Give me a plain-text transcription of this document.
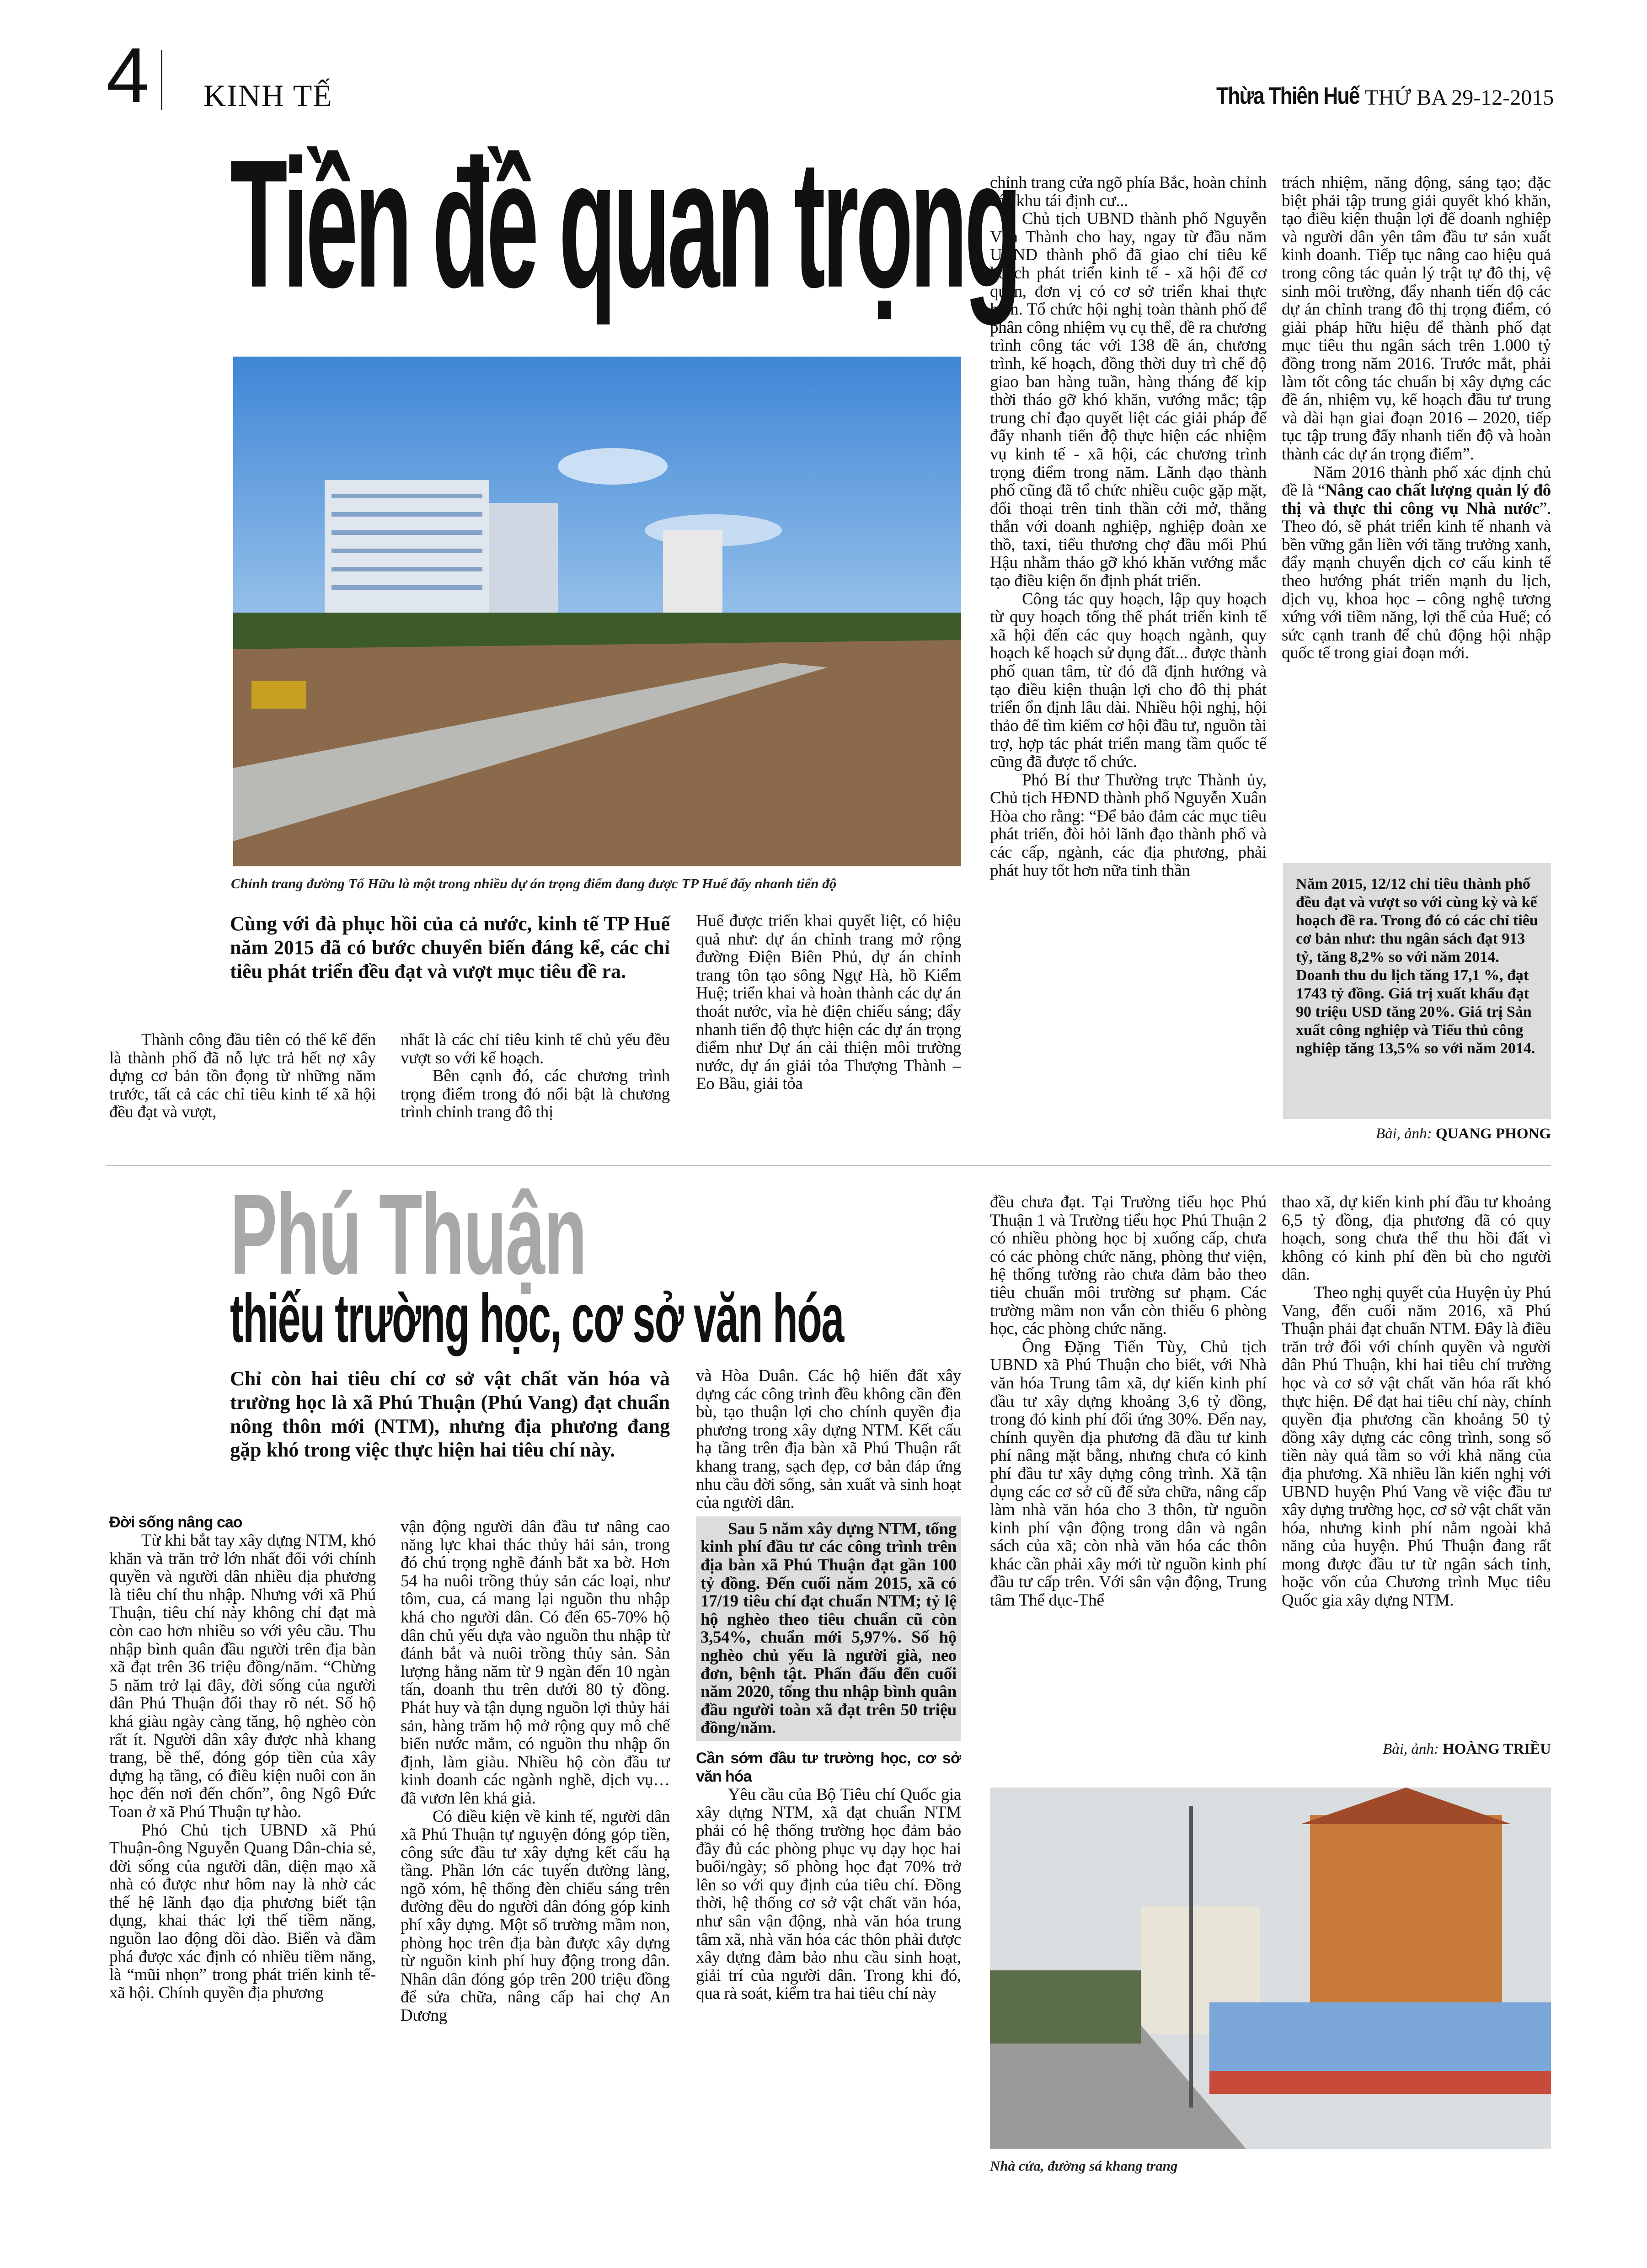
4 KINH TẾ	Thừa Thiên Huế THỨ BA 29-12-2015
Tiền đề quan trọng
Chỉnh trang đường Tố Hữu là một trong nhiều dự án trọng điểm đang được TP Huế đẩy nhanh tiến độ
Cùng với đà phục hồi của cả nước, kinh tế TP Huế năm 2015 đã có bước chuyển biến đáng kể, các chỉ tiêu phát triển đều đạt và vượt mục tiêu đề ra.

Thành công đầu tiên có thể kể đến là thành phố đã nỗ lực trả hết nợ xây dựng cơ bản tồn đọng từ những năm trước, tất cả các chỉ tiêu kinh tế xã hội đều đạt và vượt,

nhất là các chỉ tiêu kinh tế chủ yếu đều vượt so với kế hoạch.

Bên cạnh đó, các chương trình trọng điểm trong đó nổi bật là chương trình chỉnh trang đô thị

Huế được triển khai quyết liệt, có hiệu quả như: dự án chỉnh trang mở rộng đường Điện Biên Phủ, dự án chỉnh trang tôn tạo sông Ngự Hà, hồ Kiểm Huệ; triển khai và hoàn thành các dự án thoát nước, vỉa hè điện chiếu sáng; đẩy nhanh tiến độ thực hiện các dự án trọng điểm như Dự án cải thiện môi trường nước, dự án giải tỏa Thượng Thành – Eo Bầu, giải tỏa

chỉnh trang cửa ngõ phía Bắc, hoàn chỉnh các khu tái định cư...

Chủ tịch UBND thành phố Nguyễn Văn Thành cho hay, ngay từ đầu năm UBND thành phố đã giao chỉ tiêu kế hoạch phát triển kinh tế - xã hội để cơ quan, đơn vị có cơ sở triển khai thực hiện. Tổ chức hội nghị toàn thành phố để phân công nhiệm vụ cụ thể, đề ra chương trình công tác với 138 đề án, chương trình, kế hoạch, đồng thời duy trì chế độ giao ban hàng tuần, hàng tháng để kịp thời tháo gỡ khó khăn, vướng mắc; tập trung chỉ đạo quyết liệt các giải pháp để đẩy nhanh tiến độ thực hiện các nhiệm vụ kinh tế - xã hội, các chương trình trọng điểm trong năm. Lãnh đạo thành phố cũng đã tổ chức nhiều cuộc gặp mặt, đối thoại trên tinh thần cởi mở, thẳng thắn với doanh nghiệp, nghiệp đoàn xe thồ, taxi, tiểu thương chợ đầu mối Phú Hậu nhằm tháo gỡ khó khăn vướng mắc tạo điều kiện ổn định phát triển.

Công tác quy hoạch, lập quy hoạch từ quy hoạch tổng thể phát triển kinh tế xã hội đến các quy hoạch ngành, quy hoạch kế hoạch sử dụng đất... được thành phố quan tâm, từ đó đã định hướng và tạo điều kiện thuận lợi cho đô thị phát triển ổn định lâu dài. Nhiều hội nghị, hội thảo để tìm kiếm cơ hội đầu tư, nguồn tài trợ, hợp tác phát triển mang tầm quốc tế cũng đã được tổ chức.

Phó Bí thư Thường trực Thành ủy, Chủ tịch HĐND thành phố Nguyễn Xuân Hòa cho rằng: “Để bảo đảm các mục tiêu phát triển, đòi hỏi lãnh đạo thành phố và các cấp, ngành, các địa phương, phải phát huy tốt hơn nữa tinh thần

trách nhiệm, năng động, sáng tạo; đặc biệt phải tập trung giải quyết khó khăn, tạo điều kiện thuận lợi để doanh nghiệp và người dân yên tâm đầu tư sản xuất kinh doanh. Tiếp tục nâng cao hiệu quả trong công tác quản lý trật tự đô thị, vệ sinh môi trường, đẩy nhanh tiến độ các dự án chỉnh trang đô thị trọng điểm, có giải pháp hữu hiệu để thành phố đạt mục tiêu thu ngân sách trên 1.000 tỷ đồng trong năm 2016. Trước mắt, phải làm tốt công tác chuẩn bị xây dựng các đề án, nhiệm vụ, kế hoạch đầu tư trung và dài hạn giai đoạn 2016 – 2020, tiếp tục tập trung đẩy nhanh tiến độ và hoàn thành các dự án trọng điểm”.

Năm 2016 thành phố xác định chủ đề là “Nâng cao chất lượng quản lý đô thị và thực thi công vụ Nhà nước”. Theo đó, sẽ phát triển kinh tế nhanh và bền vững gắn liền với tăng trưởng xanh, đẩy mạnh chuyển dịch cơ cấu kinh tế theo hướng phát triển mạnh du lịch, dịch vụ, khoa học – công nghệ tương xứng với tiềm năng, lợi thế của Huế; có sức cạnh tranh để chủ động hội nhập quốc tế trong giai đoạn mới.

Năm 2015, 12/12 chỉ tiêu thành phố đều đạt và vượt so với cùng kỳ và kế hoạch đề ra. Trong đó có các chỉ tiêu cơ bản như: thu ngân sách đạt 913 tỷ, tăng 8,2% so với năm 2014. Doanh thu du lịch tăng 17,1 %, đạt 1743 tỷ đồng. Giá trị xuất khẩu đạt 90 triệu USD tăng 20%. Giá trị Sản xuất công nghiệp và Tiểu thủ công nghiệp tăng 13,5% so với năm 2014.
Bài, ảnh: QUANG PHONG
Phú Thuận
thiếu trường học, cơ sở văn hóa
Chỉ còn hai tiêu chí cơ sở vật chất văn hóa và trường học là xã Phú Thuận (Phú Vang) đạt chuẩn nông thôn mới (NTM), nhưng địa phương đang gặp khó trong việc thực hiện hai tiêu chí này.

Đời sống nâng cao

Từ khi bắt tay xây dựng NTM, khó khăn và trăn trở lớn nhất đối với chính quyền và người dân nhiều địa phương là tiêu chí thu nhập. Nhưng với xã Phú Thuận, tiêu chí này không chỉ đạt mà còn cao hơn nhiều so với yêu cầu. Thu nhập bình quân đầu người trên địa bàn xã đạt trên 36 triệu đồng/năm. “Chừng 5 năm trở lại đây, đời sống của người dân Phú Thuận đổi thay rõ nét. Số hộ khá giàu ngày càng tăng, hộ nghèo còn rất ít. Người dân xây được nhà khang trang, bề thế, đóng góp tiền của xây dựng hạ tầng, có điều kiện nuôi con ăn học đến nơi đến chốn”, ông Ngô Đức Toan ở xã Phú Thuận tự hào.

Phó Chủ tịch UBND xã Phú Thuận-ông Nguyễn Quang Dân-chia sẻ, đời sống của người dân, diện mạo xã nhà có được như hôm nay là nhờ các thế hệ lãnh đạo địa phương biết tận dụng, khai thác lợi thế tiềm năng, nguồn lao động dồi dào. Biển và đầm phá được xác định có nhiều tiềm năng, là “mũi nhọn” trong phát triển kinh tế-xã hội. Chính quyền địa phương

vận động người dân đầu tư nâng cao năng lực khai thác thủy hải sản, trong đó chú trọng nghề đánh bắt xa bờ. Hơn 54 ha nuôi trồng thủy sản các loại, như tôm, cua, cá mang lại nguồn thu nhập khá cho người dân. Có đến 65-70% hộ dân chủ yếu dựa vào nguồn thu nhập từ đánh bắt và nuôi trồng thủy sản. Sản lượng hằng năm từ 9 ngàn đến 10 ngàn tấn, doanh thu trên dưới 80 tỷ đồng. Phát huy và tận dụng nguồn lợi thủy hải sản, hàng trăm hộ mở rộng quy mô chế biến nước mắm, có nguồn thu nhập ổn định, làm giàu. Nhiều hộ còn đầu tư kinh doanh các ngành nghề, dịch vụ… đã vươn lên khá giả.

Có điều kiện về kinh tế, người dân xã Phú Thuận tự nguyện đóng góp tiền, công sức đầu tư xây dựng kết cấu hạ tầng. Phần lớn các tuyến đường làng, ngõ xóm, hệ thống đèn chiếu sáng trên đường đều do người dân đóng góp kinh phí xây dựng. Một số trường mầm non, phòng học trên địa bàn được xây dựng từ nguồn kinh phí huy động trong dân. Nhân dân đóng góp trên 200 triệu đồng để sửa chữa, nâng cấp hai chợ An Dương

và Hòa Duân. Các hộ hiến đất xây dựng các công trình đều không cần đền bù, tạo thuận lợi cho chính quyền địa phương trong xây dựng NTM. Kết cấu hạ tầng trên địa bàn xã Phú Thuận rất khang trang, sạch đẹp, cơ bản đáp ứng nhu cầu đời sống, sản xuất và sinh hoạt của người dân.

Sau 5 năm xây dựng NTM, tổng kinh phí đầu tư các công trình trên địa bàn xã Phú Thuận đạt gần 100 tỷ đồng. Đến cuối năm 2015, xã có 17/19 tiêu chí đạt chuẩn NTM; tỷ lệ hộ nghèo theo tiêu chuẩn cũ còn 3,54%, chuẩn mới 5,97%. Số hộ nghèo chủ yếu là người già, neo đơn, bệnh tật. Phấn đấu đến cuối năm 2020, tổng thu nhập bình quân đầu người toàn xã đạt trên 50 triệu đồng/năm.

Cần sớm đầu tư trường học, cơ sở văn hóa

Yêu cầu của Bộ Tiêu chí Quốc gia xây dựng NTM, xã đạt chuẩn NTM phải có hệ thống trường học đảm bảo đầy đủ các phòng phục vụ dạy học hai buổi/ngày; số phòng học đạt 70% trở lên so với quy định của tiêu chí. Đồng thời, hệ thống cơ sở vật chất văn hóa, như sân vận động, nhà văn hóa trung tâm xã, nhà văn hóa các thôn phải được xây dựng đảm bảo nhu cầu sinh hoạt, giải trí của người dân. Trong khi đó, qua rà soát, kiểm tra hai tiêu chí này

đều chưa đạt. Tại Trường tiểu học Phú Thuận 1 và Trường tiểu học Phú Thuận 2 có nhiều phòng học bị xuống cấp, chưa có các phòng chức năng, phòng thư viện, hệ thống tường rào chưa đảm bảo theo tiêu chuẩn môi trường sư phạm. Các trường mầm non vẫn còn thiếu 6 phòng học, các phòng chức năng.

Ông Đặng Tiến Tùy, Chủ tịch UBND xã Phú Thuận cho biết, với Nhà văn hóa Trung tâm xã, dự kiến kinh phí đầu tư xây dựng khoảng 3,6 tỷ đồng, trong đó kinh phí đối ứng 30%. Đến nay, chính quyền địa phương đã đầu tư kinh phí nâng mặt bằng, nhưng chưa có kinh phí đầu tư xây dựng công trình. Xã tận dụng các cơ sở cũ để sửa chữa, nâng cấp làm nhà văn hóa cho 3 thôn, từ nguồn kinh phí vận động trong dân và ngân sách của xã; còn nhà văn hóa các thôn khác cần phải xây mới từ nguồn kinh phí đầu tư cấp trên. Với sân vận động, Trung tâm Thể dục-Thể

thao xã, dự kiến kinh phí đầu tư khoảng 6,5 tỷ đồng, địa phương đã có quy hoạch, song chưa thể thu hồi đất vì không có kinh phí đền bù cho người dân.

Theo nghị quyết của Huyện ủy Phú Vang, đến cuối năm 2016, xã Phú Thuận phải đạt chuẩn NTM. Đây là điều trăn trở đối với chính quyền và người dân Phú Thuận, khi hai tiêu chí trường học và cơ sở vật chất văn hóa rất khó thực hiện. Để đạt hai tiêu chí này, chính quyền địa phương cần khoảng 50 tỷ đồng xây dựng các công trình, song số tiền này quá tầm so với khả năng của địa phương. Xã nhiều lần kiến nghị với UBND huyện Phú Vang về việc đầu tư xây dựng trường học, cơ sở vật chất văn hóa, nhưng kinh phí nằm ngoài khả năng của huyện. Phú Thuận đang rất mong được đầu tư từ ngân sách tỉnh, hoặc vốn của Chương trình Mục tiêu Quốc gia xây dựng NTM.

Bài, ảnh: HOÀNG TRIỀU
Nhà cửa, đường sá khang trang
